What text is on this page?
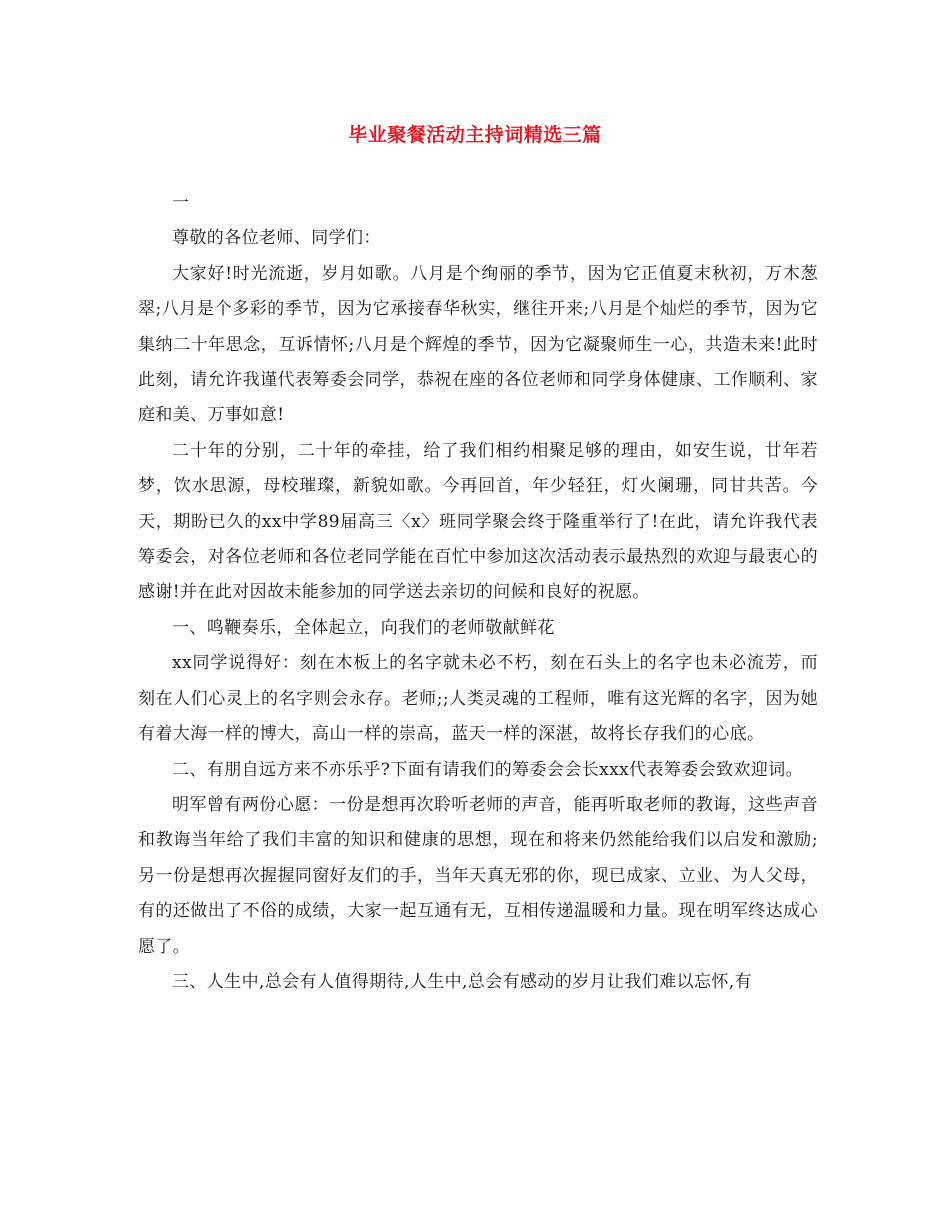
毕业聚餐活动主持词精选三篇

一

尊敬的各位老师、同学们：

大家好!时光流逝，岁月如歌。八月是个绚丽的季节，因为它正值夏末秋初，万木葱翠;八月是个多彩的季节，因为它承接春华秋实，继往开来;八月是个灿烂的季节，因为它集纳二十年思念，互诉情怀;八月是个辉煌的季节，因为它凝聚师生一心，共造未来!此时此刻，请允许我谨代表筹委会同学，恭祝在座的各位老师和同学身体健康、工作顺利、家庭和美、万事如意!

二十年的分别，二十年的牵挂，给了我们相约相聚足够的理由，如安生说，廿年若梦，饮水思源，母校璀璨，新貌如歌。今再回首，年少轻狂，灯火阑珊，同甘共苦。今天，期盼已久的xx中学89届高三〈x〉班同学聚会终于隆重举行了!在此，请允许我代表筹委会，对各位老师和各位老同学能在百忙中参加这次活动表示最热烈的欢迎与最衷心的感谢!并在此对因故未能参加的同学送去亲切的问候和良好的祝愿。

一、鸣鞭奏乐，全体起立，向我们的老师敬献鲜花

xx同学说得好：刻在木板上的名字就未必不朽，刻在石头上的名字也未必流芳，而刻在人们心灵上的名字则会永存。老师;;人类灵魂的工程师，唯有这光辉的名字，因为她有着大海一样的博大，高山一样的崇高，蓝天一样的深湛，故将长存我们的心底。

二、有朋自远方来不亦乐乎?下面有请我们的筹委会会长xxx代表筹委会致欢迎词。

明军曾有两份心愿：一份是想再次聆听老师的声音，能再听取老师的教诲，这些声音和教诲当年给了我们丰富的知识和健康的思想，现在和将来仍然能给我们以启发和激励;另一份是想再次握握同窗好友们的手，当年天真无邪的你，现已成家、立业、为人父母，有的还做出了不俗的成绩，大家一起互通有无，互相传递温暖和力量。现在明军终达成心愿了。

三、人生中,总会有人值得期待,人生中,总会有感动的岁月让我们难以忘怀,有
